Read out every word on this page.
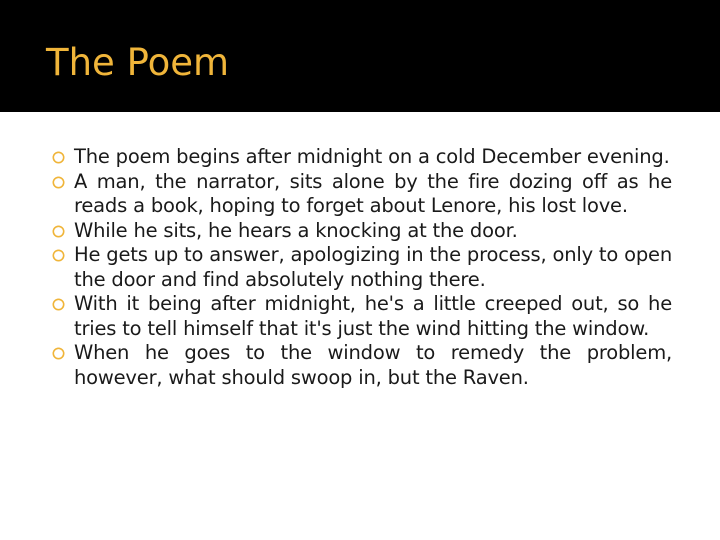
The Poem
The poem begins after midnight on a cold December evening.
A man, the narrator, sits alone by the fire dozing off as he reads a book, hoping to forget about Lenore, his lost love.
While he sits, he hears a knocking at the door.
He gets up to answer, apologizing in the process, only to open the door and find absolutely nothing there.
With it being after midnight, he's a little creeped out, so he tries to tell himself that it's just the wind hitting the window.
When he goes to the window to remedy the problem, however, what should swoop in, but the Raven.
